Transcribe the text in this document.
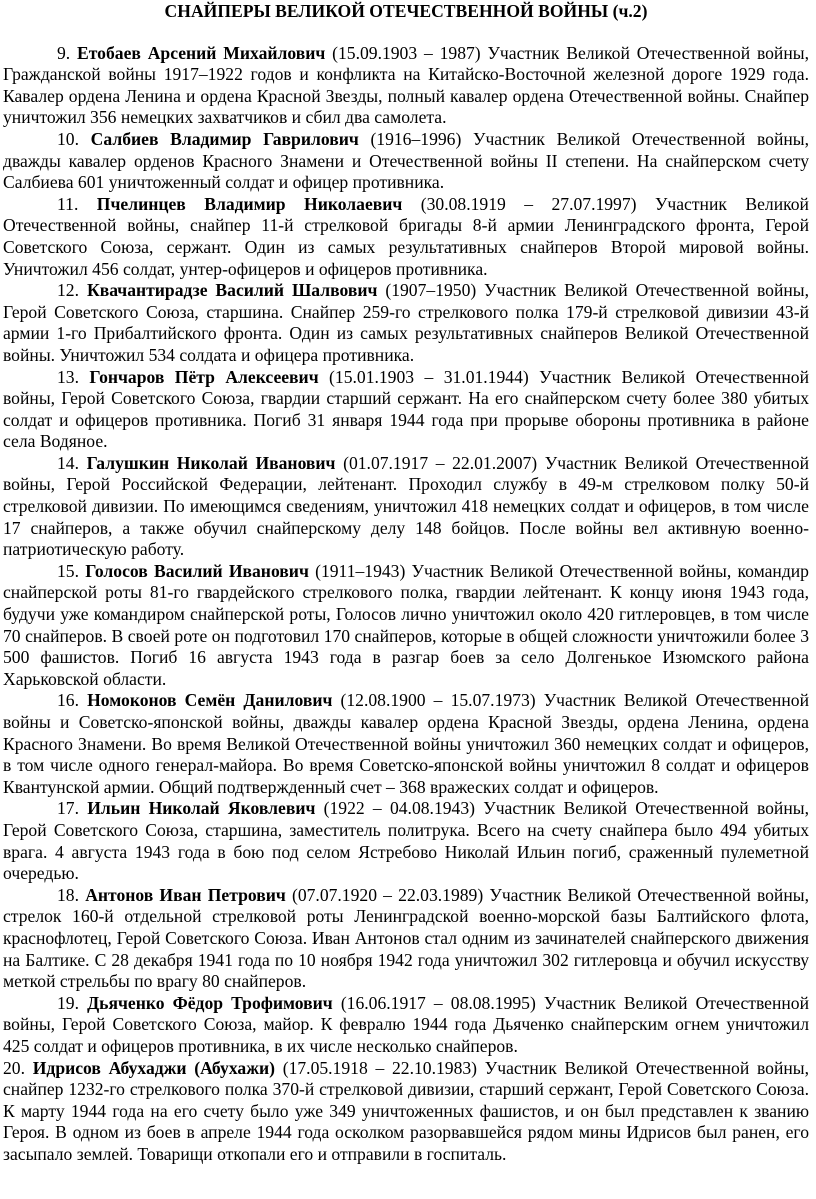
СНАЙПЕРЫ ВЕЛИКОЙ ОТЕЧЕСТВЕННОЙ ВОЙНЫ (ч.2)

9. Етобаев Арсений Михайлович (15.09.1903 – 1987) Участник Великой Отечественной войны, Гражданской войны 1917–1922 годов и конфликта на Китайско-Восточной железной дороге 1929 года. Кавалер ордена Ленина и ордена Красной Звезды, полный кавалер ордена Отечественной войны. Снайпер уничтожил 356 немецких захватчиков и сбил два самолета.

10. Салбиев Владимир Гаврилович (1916–1996) Участник Великой Отечественной войны, дважды кавалер орденов Красного Знамени и Отечественной войны II степени. На снайперском счету Салбиева 601 уничтоженный солдат и офицер противника.

11. Пчелинцев Владимир Николаевич (30.08.1919 – 27.07.1997) Участник Великой Отечественной войны, снайпер 11-й стрелковой бригады 8-й армии Ленинградского фронта, Герой Советского Союза, сержант. Один из самых результативных снайперов Второй мировой войны. Уничтожил 456 солдат, унтер-офицеров и офицеров противника.

12. Квачантирадзе Василий Шалвович (1907–1950) Участник Великой Отечественной войны, Герой Советского Союза, старшина. Снайпер 259-го стрелкового полка 179-й стрелковой дивизии 43-й армии 1-го Прибалтийского фронта. Один из самых результативных снайперов Великой Отечественной войны. Уничтожил 534 солдата и офицера противника.

13. Гончаров Пётр Алексеевич (15.01.1903 – 31.01.1944) Участник Великой Отечественной войны, Герой Советского Союза, гвардии старший сержант. На его снайперском счету более 380 убитых солдат и офицеров противника. Погиб 31 января 1944 года при прорыве обороны противника в районе села Водяное.

14. Галушкин Николай Иванович (01.07.1917 – 22.01.2007) Участник Великой Отечественной войны, Герой Российской Федерации, лейтенант. Проходил службу в 49-м стрелковом полку 50-й стрелковой дивизии. По имеющимся сведениям, уничтожил 418 немецких солдат и офицеров, в том числе 17 снайперов, а также обучил снайперскому делу 148 бойцов. После войны вел активную военно-патриотическую работу.

15. Голосов Василий Иванович (1911–1943) Участник Великой Отечественной войны, командир снайперской роты 81-го гвардейского стрелкового полка, гвардии лейтенант. К концу июня 1943 года, будучи уже командиром снайперской роты, Голосов лично уничтожил около 420 гитлеровцев, в том числе 70 снайперов. В своей роте он подготовил 170 снайперов, которые в общей сложности уничтожили более 3 500 фашистов. Погиб 16 августа 1943 года в разгар боев за село Долгенькое Изюмского района Харьковской области.

16. Номоконов Семён Данилович (12.08.1900 – 15.07.1973) Участник Великой Отечественной войны и Советско-японской войны, дважды кавалер ордена Красной Звезды, ордена Ленина, ордена Красного Знамени. Во время Великой Отечественной войны уничтожил 360 немецких солдат и офицеров, в том числе одного генерал-майора. Во время Советско-японской войны уничтожил 8 солдат и офицеров Квантунской армии. Общий подтвержденный счет – 368 вражеских солдат и офицеров.

17. Ильин Николай Яковлевич (1922 – 04.08.1943) Участник Великой Отечественной войны, Герой Советского Союза, старшина, заместитель политрука. Всего на счету снайпера было 494 убитых врага. 4 августа 1943 года в бою под селом Ястребово Николай Ильин погиб, сраженный пулеметной очередью.

18. Антонов Иван Петрович (07.07.1920 – 22.03.1989) Участник Великой Отечественной войны, стрелок 160-й отдельной стрелковой роты Ленинградской военно-морской базы Балтийского флота, краснофлотец, Герой Советского Союза. Иван Антонов стал одним из зачинателей снайперского движения на Балтике. С 28 декабря 1941 года по 10 ноября 1942 года уничтожил 302 гитлеровца и обучил искусству меткой стрельбы по врагу 80 снайперов.

19. Дьяченко Фёдор Трофимович (16.06.1917 – 08.08.1995) Участник Великой Отечественной войны, Герой Советского Союза, майор. К февралю 1944 года Дьяченко снайперским огнем уничтожил 425 солдат и офицеров противника, в их числе несколько снайперов.

20. Идрисов Абухаджи (Абухажи) (17.05.1918 – 22.10.1983) Участник Великой Отечественной войны, снайпер 1232-го стрелкового полка 370-й стрелковой дивизии, старший сержант, Герой Советского Союза. К марту 1944 года на его счету было уже 349 уничтоженных фашистов, и он был представлен к званию Героя. В одном из боев в апреле 1944 года осколком разорвавшейся рядом мины Идрисов был ранен, его засыпало землей. Товарищи откопали его и отправили в госпиталь.
